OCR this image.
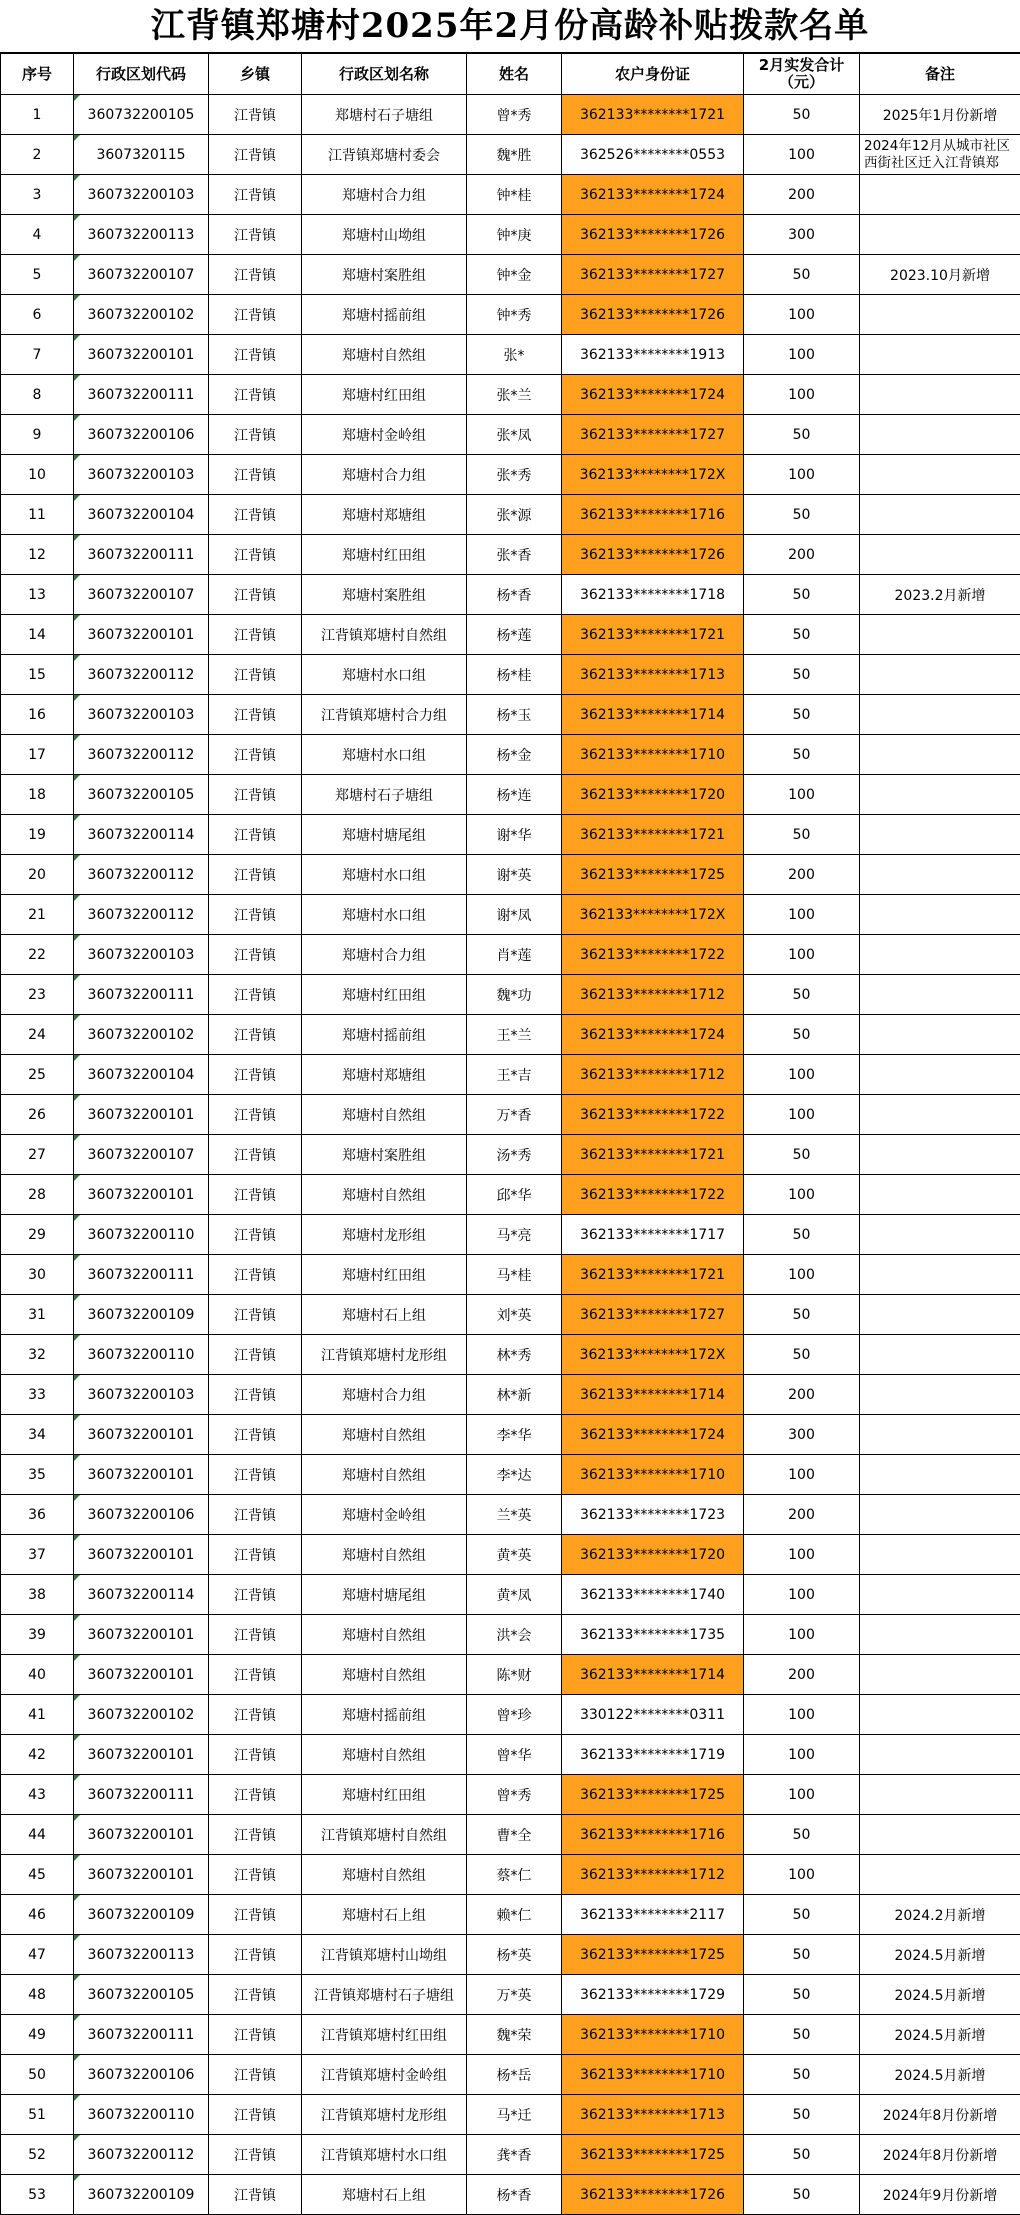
江背镇郑塘村2025年2月份高龄补贴拨款名单
序号	行政区划代码	乡镇	行政区划名称	姓名	农户身份证	2月实发合计（元）	备注
1	360732200105	江背镇	郑塘村石子塘组	曾*秀	362133********1721	50	2025年1月份新增
2	3607320115	江背镇	江背镇郑塘村委会	魏*胜	362526********0553	100	2024年12月从城市社区西街社区迁入江背镇郑
3	360732200103	江背镇	郑塘村合力组	钟*桂	362133********1724	200	
4	360732200113	江背镇	郑塘村山坳组	钟*庚	362133********1726	300	
5	360732200107	江背镇	郑塘村案胜组	钟*金	362133********1727	50	2023.10月新增
6	360732200102	江背镇	郑塘村摇前组	钟*秀	362133********1726	100	
7	360732200101	江背镇	郑塘村自然组	张*	362133********1913	100	
8	360732200111	江背镇	郑塘村红田组	张*兰	362133********1724	100	
9	360732200106	江背镇	郑塘村金岭组	张*凤	362133********1727	50	
10	360732200103	江背镇	郑塘村合力组	张*秀	362133********172X	100	
11	360732200104	江背镇	郑塘村郑塘组	张*源	362133********1716	50	
12	360732200111	江背镇	郑塘村红田组	张*香	362133********1726	200	
13	360732200107	江背镇	郑塘村案胜组	杨*香	362133********1718	50	2023.2月新增
14	360732200101	江背镇	江背镇郑塘村自然组	杨*莲	362133********1721	50	
15	360732200112	江背镇	郑塘村水口组	杨*桂	362133********1713	50	
16	360732200103	江背镇	江背镇郑塘村合力组	杨*玉	362133********1714	50	
17	360732200112	江背镇	郑塘村水口组	杨*金	362133********1710	50	
18	360732200105	江背镇	郑塘村石子塘组	杨*连	362133********1720	100	
19	360732200114	江背镇	郑塘村塘尾组	谢*华	362133********1721	50	
20	360732200112	江背镇	郑塘村水口组	谢*英	362133********1725	200	
21	360732200112	江背镇	郑塘村水口组	谢*凤	362133********172X	100	
22	360732200103	江背镇	郑塘村合力组	肖*莲	362133********1722	100	
23	360732200111	江背镇	郑塘村红田组	魏*功	362133********1712	50	
24	360732200102	江背镇	郑塘村摇前组	王*兰	362133********1724	50	
25	360732200104	江背镇	郑塘村郑塘组	王*吉	362133********1712	100	
26	360732200101	江背镇	郑塘村自然组	万*香	362133********1722	100	
27	360732200107	江背镇	郑塘村案胜组	汤*秀	362133********1721	50	
28	360732200101	江背镇	郑塘村自然组	邱*华	362133********1722	100	
29	360732200110	江背镇	郑塘村龙形组	马*亮	362133********1717	50	
30	360732200111	江背镇	郑塘村红田组	马*桂	362133********1721	100	
31	360732200109	江背镇	郑塘村石上组	刘*英	362133********1727	50	
32	360732200110	江背镇	江背镇郑塘村龙形组	林*秀	362133********172X	50	
33	360732200103	江背镇	郑塘村合力组	林*新	362133********1714	200	
34	360732200101	江背镇	郑塘村自然组	李*华	362133********1724	300	
35	360732200101	江背镇	郑塘村自然组	李*达	362133********1710	100	
36	360732200106	江背镇	郑塘村金岭组	兰*英	362133********1723	200	
37	360732200101	江背镇	郑塘村自然组	黄*英	362133********1720	100	
38	360732200114	江背镇	郑塘村塘尾组	黄*凤	362133********1740	100	
39	360732200101	江背镇	郑塘村自然组	洪*会	362133********1735	100	
40	360732200101	江背镇	郑塘村自然组	陈*财	362133********1714	200	
41	360732200102	江背镇	郑塘村摇前组	曾*珍	330122********0311	100	
42	360732200101	江背镇	郑塘村自然组	曾*华	362133********1719	100	
43	360732200111	江背镇	郑塘村红田组	曾*秀	362133********1725	100	
44	360732200101	江背镇	江背镇郑塘村自然组	曹*全	362133********1716	50	
45	360732200101	江背镇	郑塘村自然组	蔡*仁	362133********1712	100	
46	360732200109	江背镇	郑塘村石上组	赖*仁	362133********2117	50	2024.2月新增
47	360732200113	江背镇	江背镇郑塘村山坳组	杨*英	362133********1725	50	2024.5月新增
48	360732200105	江背镇	江背镇郑塘村石子塘组	万*英	362133********1729	50	2024.5月新增
49	360732200111	江背镇	江背镇郑塘村红田组	魏*荣	362133********1710	50	2024.5月新增
50	360732200106	江背镇	江背镇郑塘村金岭组	杨*岳	362133********1710	50	2024.5月新增
51	360732200110	江背镇	江背镇郑塘村龙形组	马*迁	362133********1713	50	2024年8月份新增
52	360732200112	江背镇	江背镇郑塘村水口组	龚*香	362133********1725	50	2024年8月份新增
53	360732200109	江背镇	郑塘村石上组	杨*香	362133********1726	50	2024年9月份新增
